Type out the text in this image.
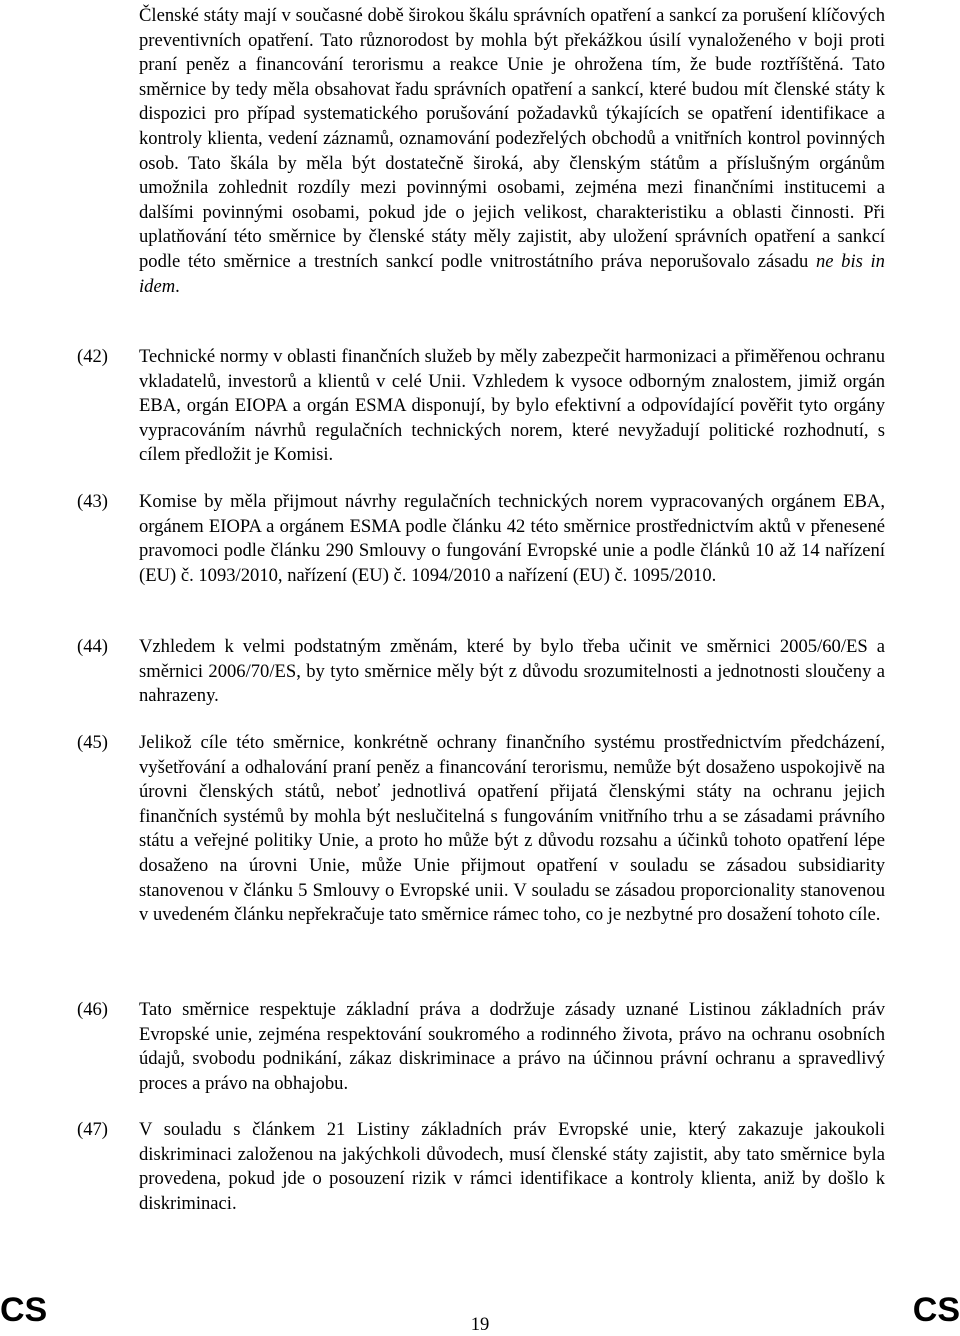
Členské státy mají v současné době širokou škálu správních opatření a sankcí za porušení klíčových preventivních opatření. Tato různorodost by mohla být překážkou úsilí vynaloženého v boji proti praní peněz a financování terorismu a reakce Unie je ohrožena tím, že bude roztříštěná. Tato směrnice by tedy měla obsahovat řadu správních opatření a sankcí, které budou mít členské státy k dispozici pro případ systematického porušování požadavků týkajících se opatření identifikace a kontroly klienta, vedení záznamů, oznamování podezřelých obchodů a vnitřních kontrol povinných osob. Tato škála by měla být dostatečně široká, aby členským státům a příslušným orgánům umožnila zohlednit rozdíly mezi povinnými osobami, zejména mezi finančními institucemi a dalšími povinnými osobami, pokud jde o jejich velikost, charakteristiku a oblasti činnosti. Při uplatňování této směrnice by členské státy měly zajistit, aby uložení správních opatření a sankcí podle této směrnice a trestních sankcí podle vnitrostátního práva neporušovalo zásadu ne bis in idem.

(42) Technické normy v oblasti finančních služeb by měly zabezpečit harmonizaci a přiměřenou ochranu vkladatelů, investorů a klientů v celé Unii. Vzhledem k vysoce odborným znalostem, jimiž orgán EBA, orgán EIOPA a orgán ESMA disponují, by bylo efektivní a odpovídající pověřit tyto orgány vypracováním návrhů regulačních technických norem, které nevyžadují politické rozhodnutí, s cílem předložit je Komisi.

(43) Komise by měla přijmout návrhy regulačních technických norem vypracovaných orgánem EBA, orgánem EIOPA a orgánem ESMA podle článku 42 této směrnice prostřednictvím aktů v přenesené pravomoci podle článku 290 Smlouvy o fungování Evropské unie a podle článků 10 až 14 nařízení (EU) č. 1093/2010, nařízení (EU) č. 1094/2010 a nařízení (EU) č. 1095/2010.

(44) Vzhledem k velmi podstatným změnám, které by bylo třeba učinit ve směrnici 2005/60/ES a směrnici 2006/70/ES, by tyto směrnice měly být z důvodu srozumitelnosti a jednotnosti sloučeny a nahrazeny.

(45) Jelikož cíle této směrnice, konkrétně ochrany finančního systému prostřednictvím předcházení, vyšetřování a odhalování praní peněz a financování terorismu, nemůže být dosaženo uspokojivě na úrovni členských států, neboť jednotlivá opatření přijatá členskými státy na ochranu jejich finančních systémů by mohla být neslučitelná s fungováním vnitřního trhu a se zásadami právního státu a veřejné politiky Unie, a proto ho může být z důvodu rozsahu a účinků tohoto opatření lépe dosaženo na úrovni Unie, může Unie přijmout opatření v souladu se zásadou subsidiarity stanovenou v článku 5 Smlouvy o Evropské unii. V souladu se zásadou proporcionality stanovenou v uvedeném článku nepřekračuje tato směrnice rámec toho, co je nezbytné pro dosažení tohoto cíle.

(46) Tato směrnice respektuje základní práva a dodržuje zásady uznané Listinou základních práv Evropské unie, zejména respektování soukromého a rodinného života, právo na ochranu osobních údajů, svobodu podnikání, zákaz diskriminace a právo na účinnou právní ochranu a spravedlivý proces a právo na obhajobu.

(47) V souladu s článkem 21 Listiny základních práv Evropské unie, který zakazuje jakoukoli diskriminaci založenou na jakýchkoli důvodech, musí členské státy zajistit, aby tato směrnice byla provedena, pokud jde o posouzení rizik v rámci identifikace a kontroly klienta, aniž by došlo k diskriminaci.

CS	19	CS
